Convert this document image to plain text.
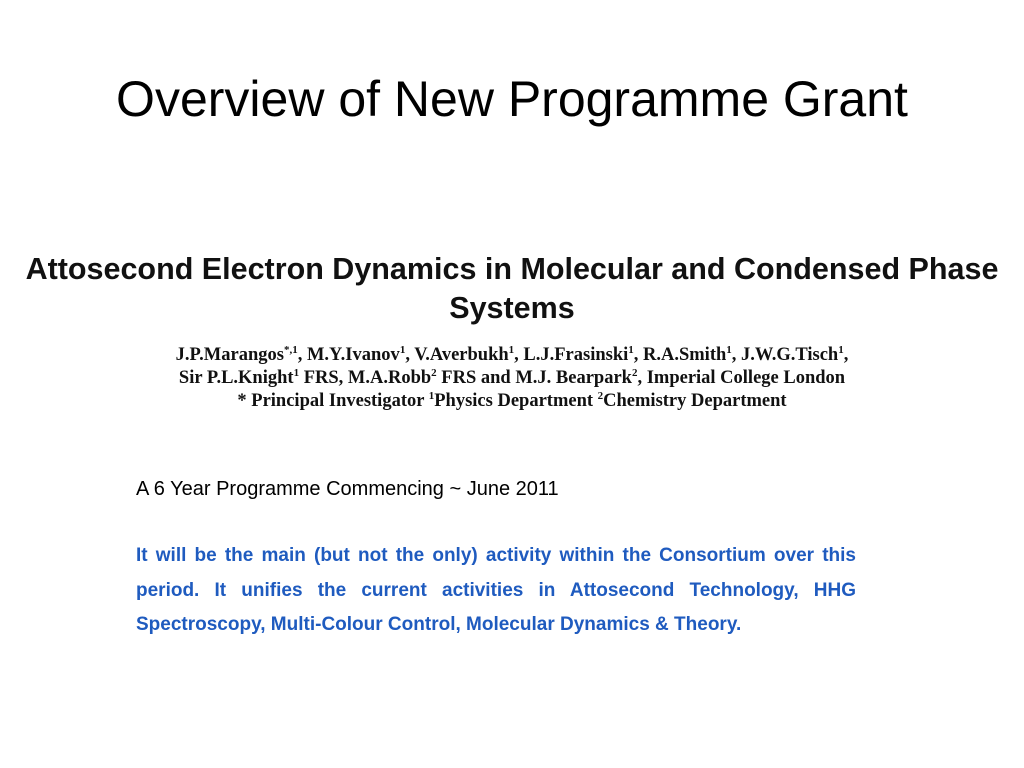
Overview of New Programme Grant
Attosecond Electron Dynamics in Molecular and Condensed Phase Systems
J.P.Marangos$^{*,1}$, M.Y.Ivanov$^1$, V.Averbukh$^1$, L.J.Frasinski$^1$, R.A.Smith$^1$, J.W.G.Tisch$^1$,
Sir P.L.Knight$^1$ FRS, M.A.Robb$^2$ FRS and M.J. Bearpark$^2$, Imperial College London
* Principal Investigator $^1$Physics Department $^2$Chemistry Department
A 6 Year Programme Commencing ~ June 2011

It will be the main (but not the only) activity within the Consortium over this period. It unifies the current activities in Attosecond Technology, HHG Spectroscopy, Multi-Colour Control, Molecular Dynamics & Theory.
